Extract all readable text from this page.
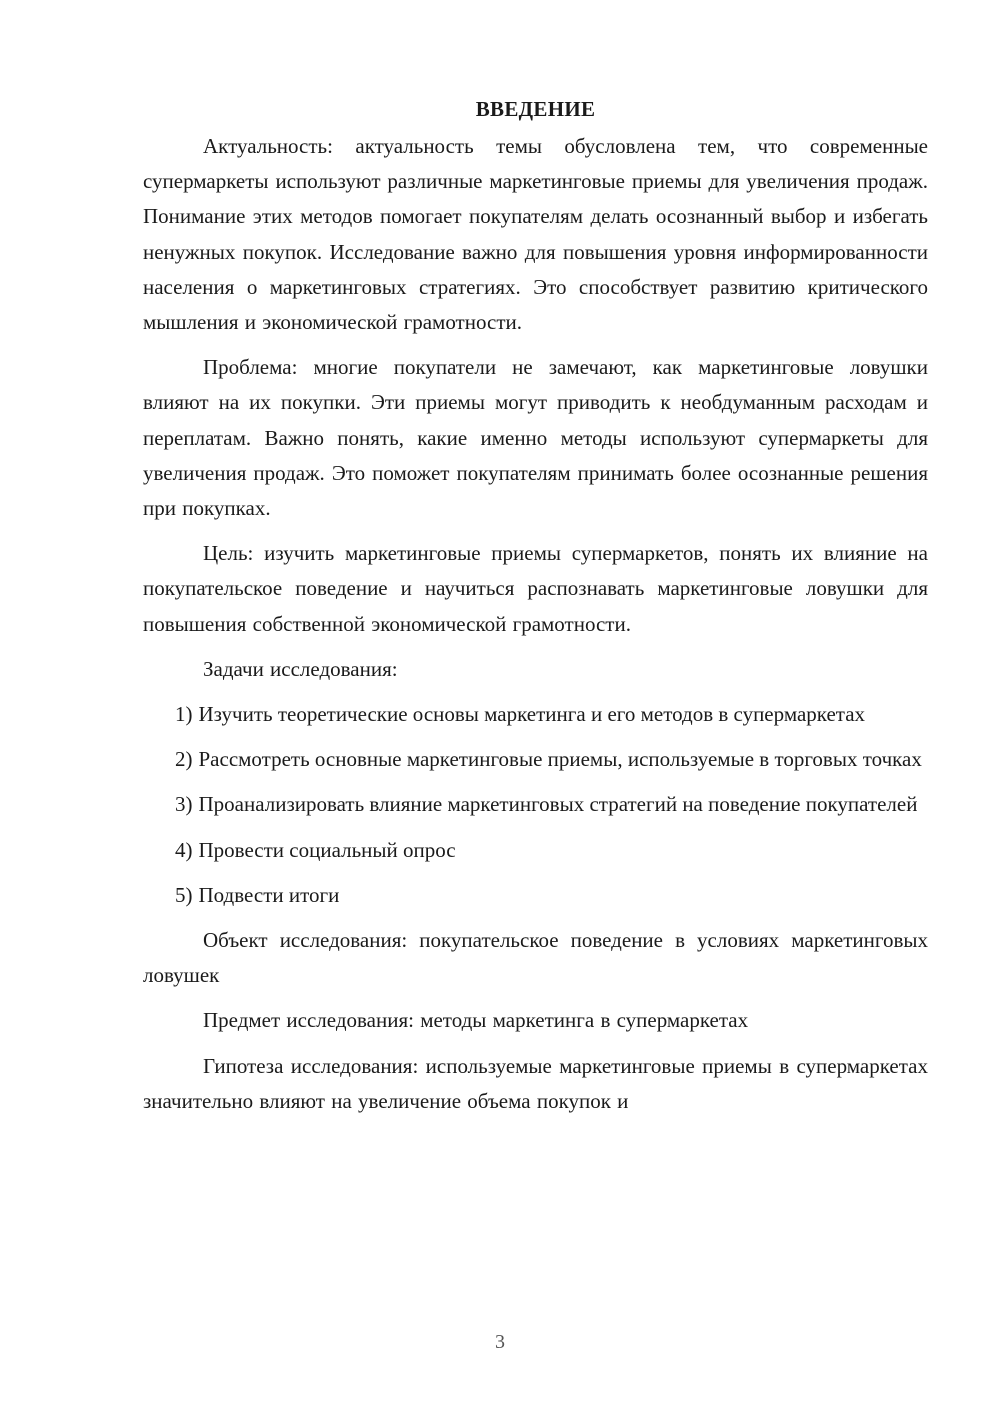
ВВЕДЕНИЕ

Актуальность: актуальность темы обусловлена тем, что современные супермаркеты используют различные маркетинговые приемы для увеличения продаж. Понимание этих методов помогает покупателям делать осознанный выбор и избегать ненужных покупок. Исследование важно для повышения уровня информированности населения о маркетинговых стратегиях. Это способствует развитию критического мышления и экономической грамотности.

Проблема: многие покупатели не замечают, как маркетинговые ловушки влияют на их покупки. Эти приемы могут приводить к необдуманным расходам и переплатам. Важно понять, какие именно методы используют супермаркеты для увеличения продаж. Это поможет покупателям принимать более осознанные решения при покупках.

Цель: изучить маркетинговые приемы супермаркетов, понять их влияние на покупательское поведение и научиться распознавать маркетинговые ловушки для повышения собственной экономической грамотности.

Задачи исследования:

1) Изучить теоретические основы маркетинга и его методов в супермаркетах

2) Рассмотреть основные маркетинговые приемы, используемые в торговых точках

3) Проанализировать влияние маркетинговых стратегий на поведение покупателей

4) Провести социальный опрос

5) Подвести итоги

Объект исследования: покупательское поведение в условиях маркетинговых ловушек

Предмет исследования: методы маркетинга в супермаркетах

Гипотеза исследования: используемые маркетинговые приемы в супермаркетах значительно влияют на увеличение объема покупок и

3
